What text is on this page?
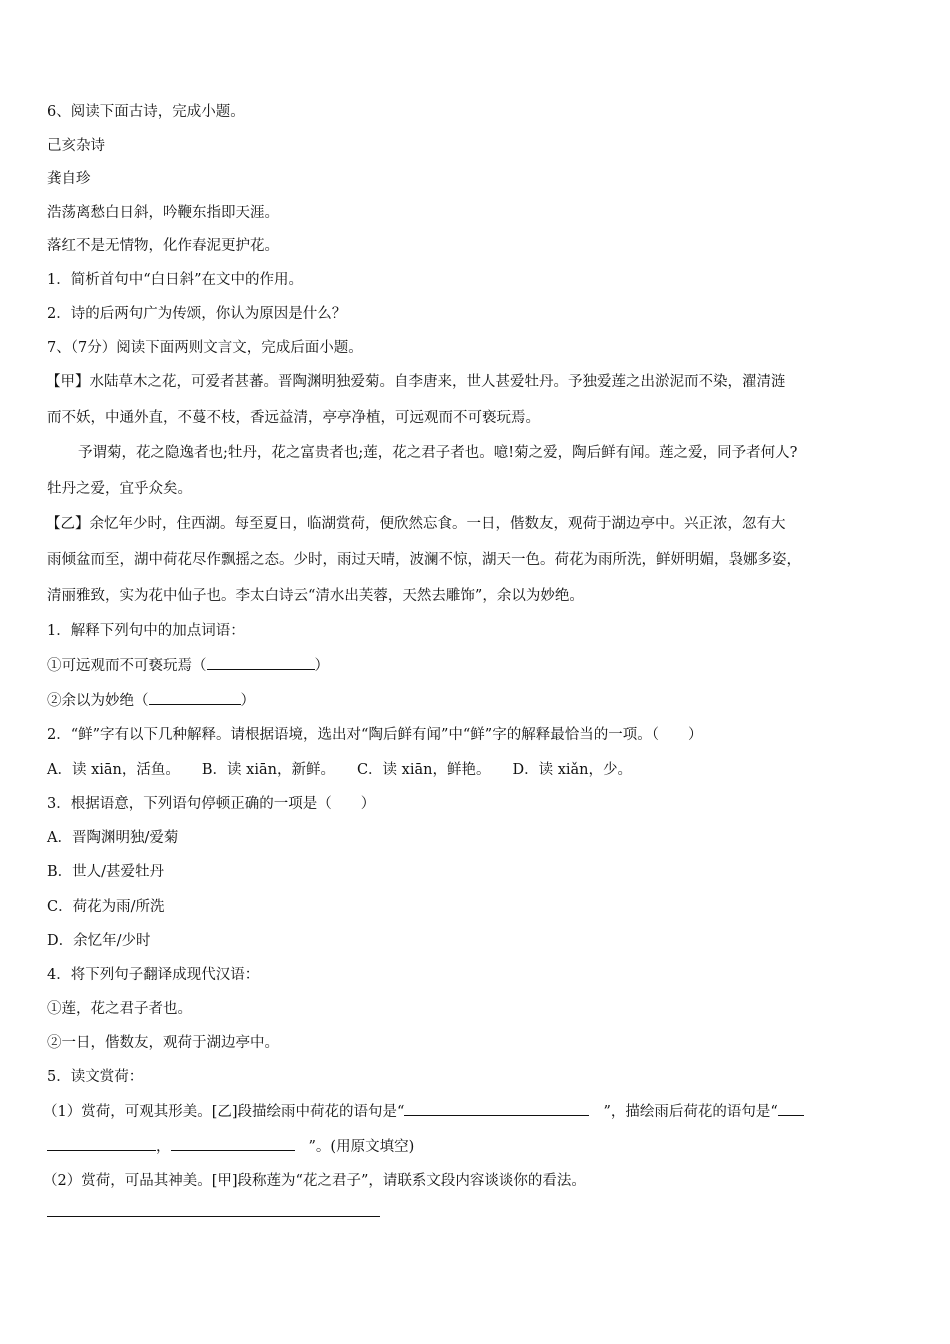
6、阅读下面古诗，完成小题。
己亥杂诗
龚自珍
浩荡离愁白日斜，吟鞭东指即天涯。
落红不是无情物，化作春泥更护花。
1．简析首句中“白日斜”在文中的作用。
2．诗的后两句广为传颂，你认为原因是什么？
7、（7分）阅读下面两则文言文，完成后面小题。
【甲】水陆草木之花，可爱者甚蕃。晋陶渊明独爱菊。自李唐来，世人甚爱牡丹。予独爱莲之出淤泥而不染，濯清涟
而不妖，中通外直，不蔓不枝，香远益清，亭亭净植，可远观而不可亵玩焉。
予谓菊，花之隐逸者也;牡丹，花之富贵者也;莲，花之君子者也。噫!菊之爱，陶后鲜有闻。莲之爱，同予者何人?
牡丹之爱，宜乎众矣。
【乙】余忆年少时，住西湖。每至夏日，临湖赏荷，便欣然忘食。一日，偕数友，观荷于湖边亭中。兴正浓，忽有大
雨倾盆而至，湖中荷花尽作飘摇之态。少时，雨过天晴，波澜不惊，湖天一色。荷花为雨所洗，鲜妍明媚，袅娜多姿，
清丽雅致，实为花中仙子也。李太白诗云“清水出芙蓉，天然去雕饰”，余以为妙绝。
1．解释下列句中的加点词语：
①可远观而不可亵玩焉（	）
②余以为妙绝（	）
2．“鲜”字有以下几种解释。请根据语境，选出对“陶后鲜有闻”中“鲜”字的解释最恰当的一项。（　　）
A．读 xiān，活鱼。 B．读 xiān，新鲜。 C．读 xiān，鲜艳。 D．读 xiǎn，少。
3．根据语意，下列语句停顿正确的一项是（　　）
A．晋陶渊明独/爱菊
B．世人/甚爱牡丹
C．荷花为雨/所洗
D．余忆年/少时
4．将下列句子翻译成现代汉语：
①莲，花之君子者也。
②一日，偕数友，观荷于湖边亭中。
5．读文赏荷：
（1）赏荷，可观其形美。[乙]段描绘雨中荷花的语句是“	”，描绘雨后荷花的语句是“
，	”。(用原文填空)
（2）赏荷，可品其神美。[甲]段称莲为“花之君子”，请联系文段内容谈谈你的看法。
